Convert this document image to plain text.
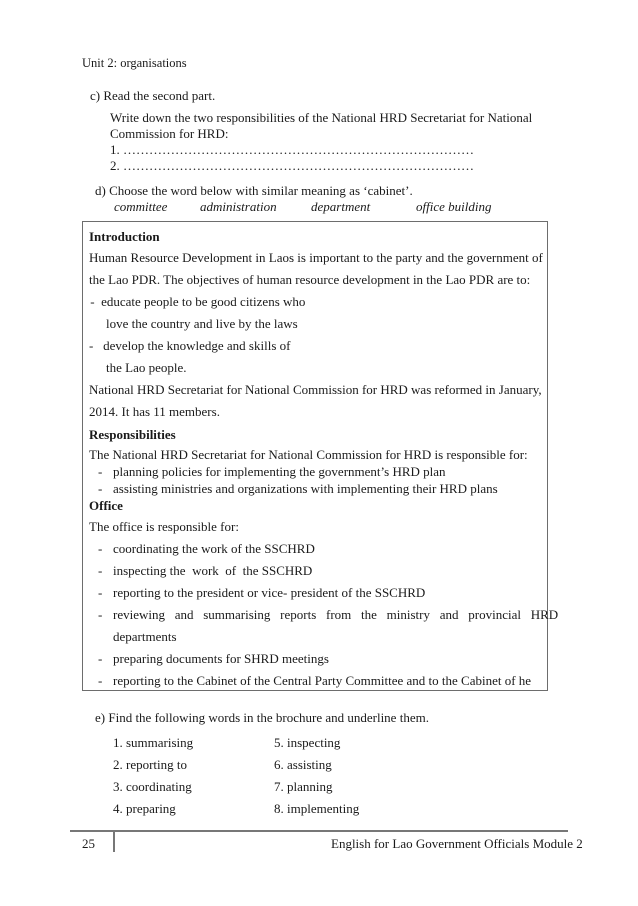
Unit 2: organisations
c) Read the second part.
Write down the two responsibilities of the National HRD Secretariat for National
Commission for HRD:
1. ………………………………………………………………………
2. ………………………………………………………………………
d) Choose the word below with similar meaning as ‘cabinet’.
committee	administration	department	office building
Introduction
Human Resource Development in Laos is important to the party and the government of
the Lao PDR. The objectives of human resource development in the Lao PDR are to:
-  educate people to be good citizens who
love the country and live by the laws
-   develop the knowledge and skills of
the Lao people.
National HRD Secretariat for National Commission for HRD was reformed in January,
2014. It has 11 members.
Responsibilities
The National HRD Secretariat for National Commission for HRD is responsible for:
- planning policies for implementing the government’s HRD plan
- assisting ministries and organizations with implementing their HRD plans
Office
The office is responsible for:
- coordinating the work of the SSCHRD
- inspecting the  work  of  the SSCHRD
- reporting to the president or vice- president of the SSCHRD
- reviewing   and   summarising   reports   from   the   ministry   and   provincial   HRD
departments
- preparing documents for SHRD meetings
- reporting to the Cabinet of the Central Party Committee and to the Cabinet of he
e) Find the following words in the brochure and underline them.
1. summarising
2. reporting to
3. coordinating
4. preparing
5. inspecting
6. assisting
7. planning
8. implementing
25	English for Lao Government Officials Module 2
